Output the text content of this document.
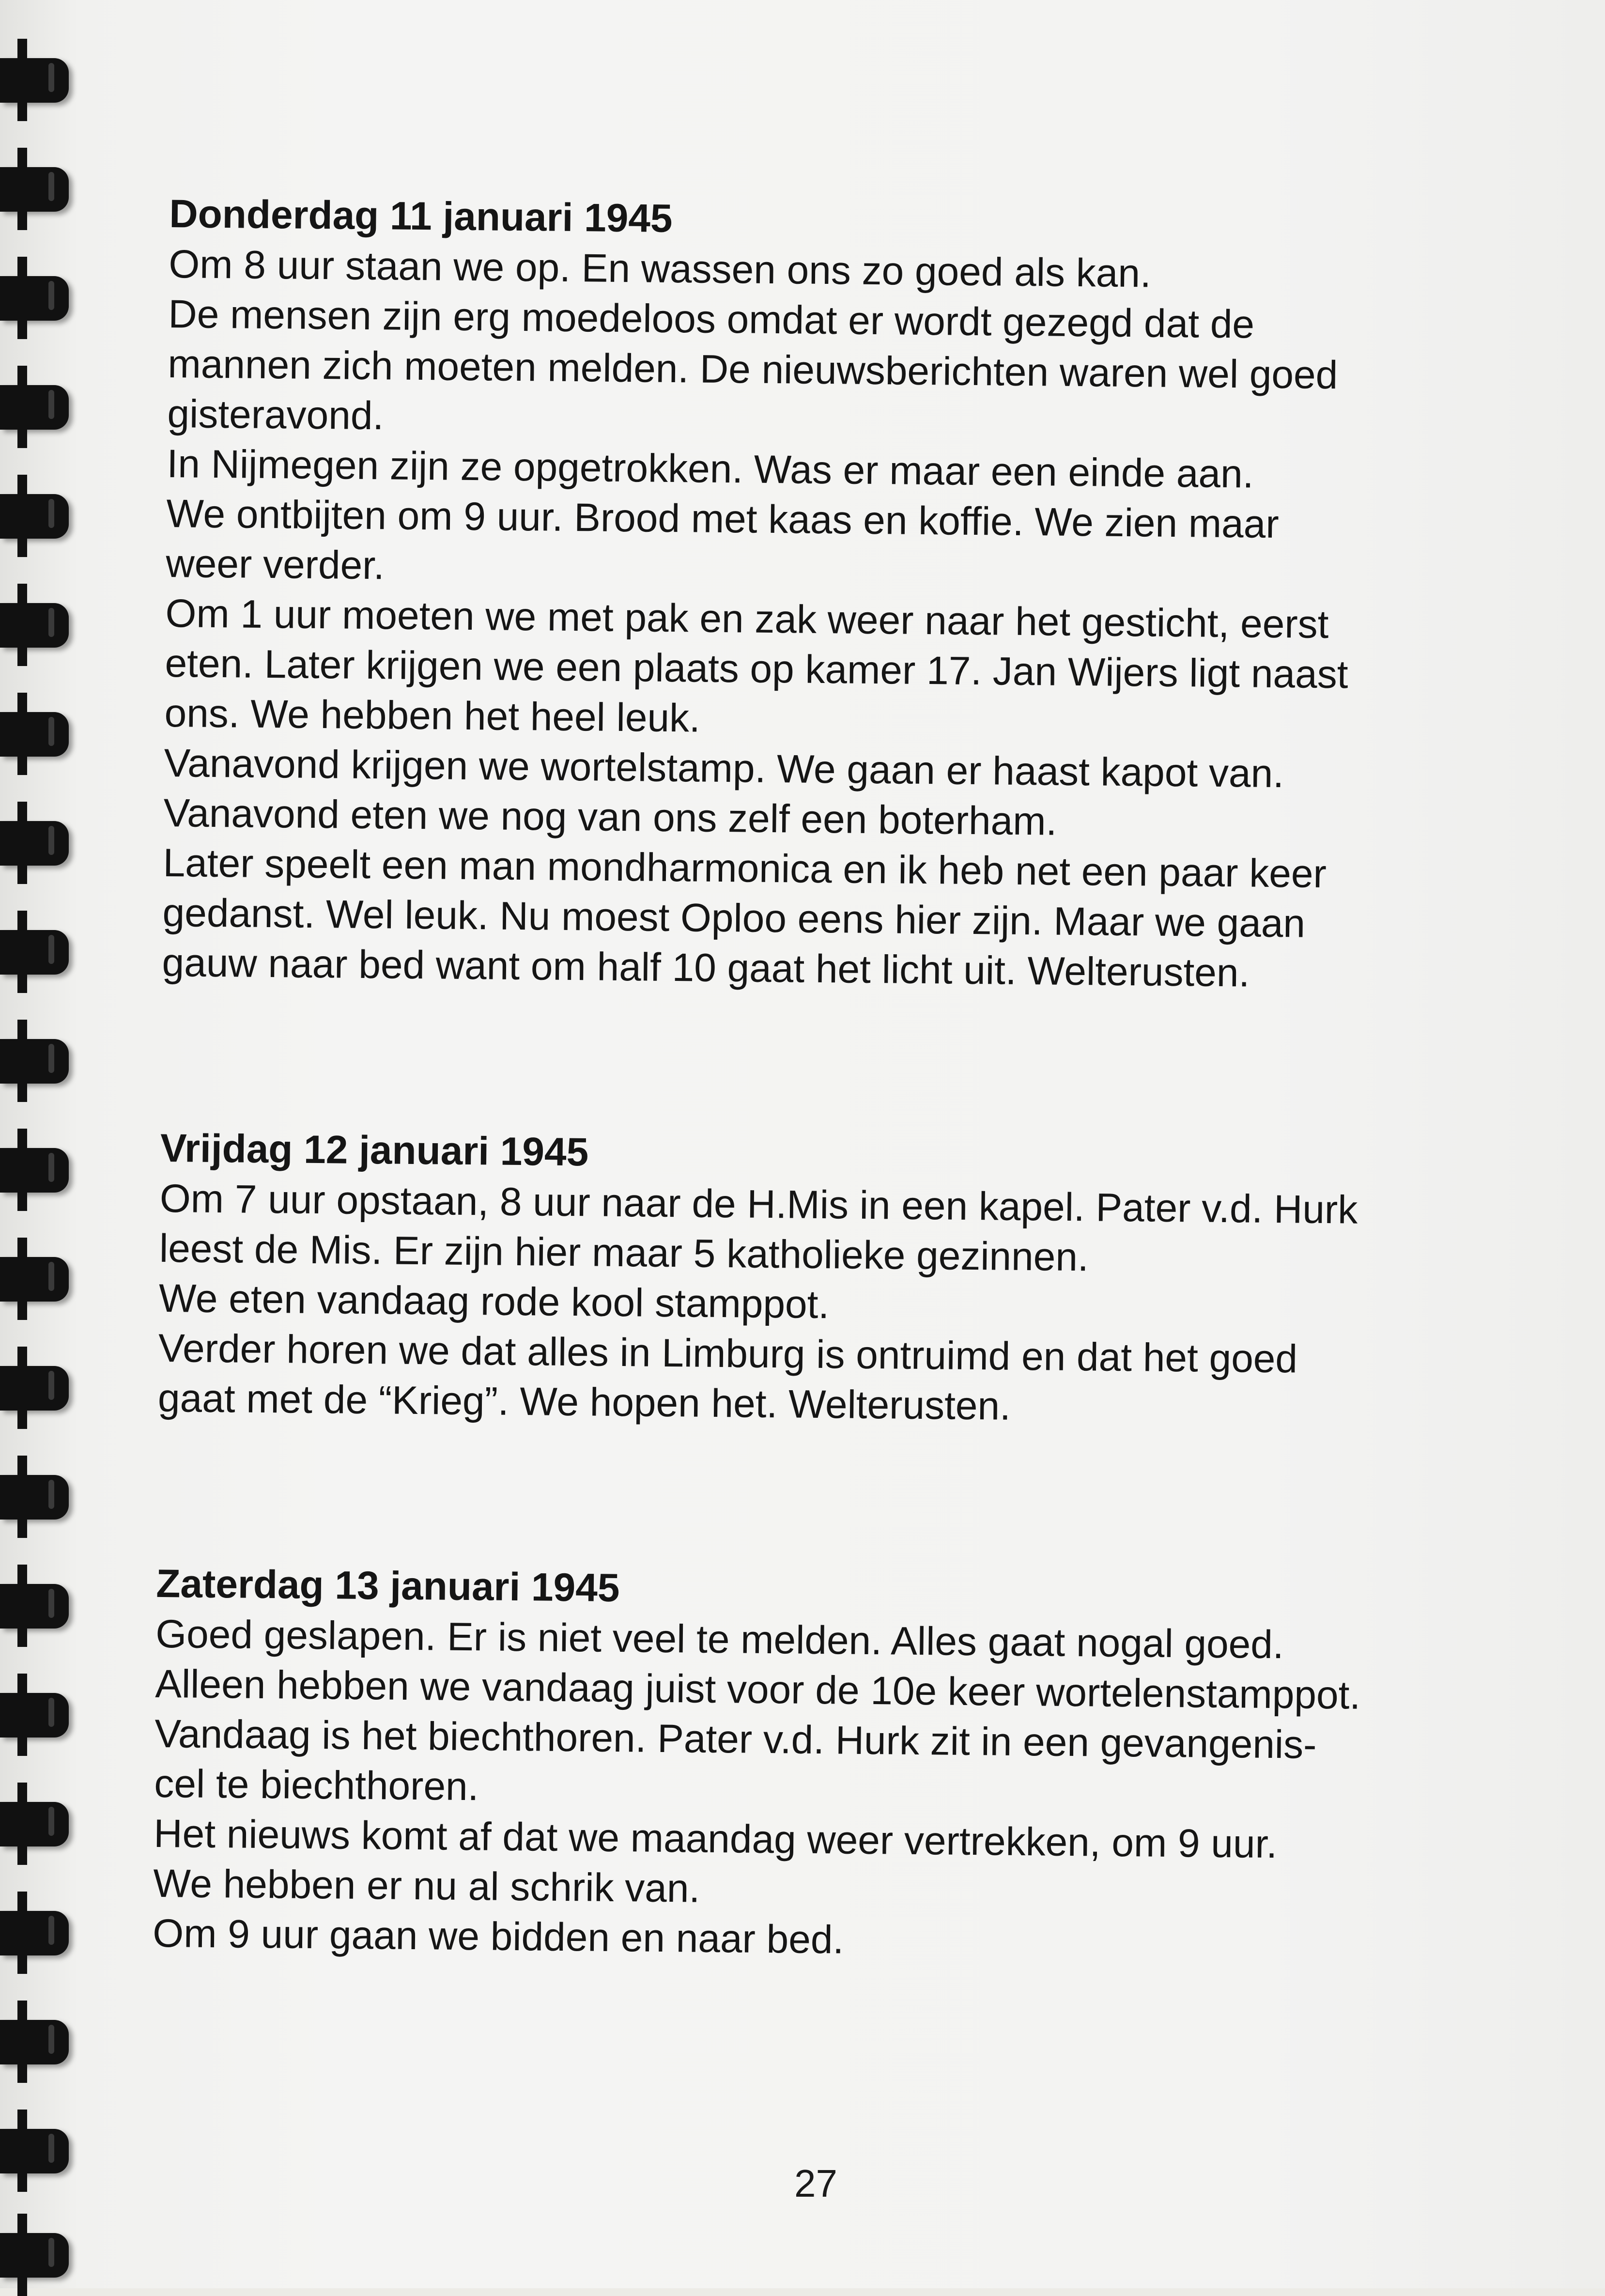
Donderdag 11 januari 1945

Om 8 uur staan we op. En wassen ons zo goed als kan.

De mensen zijn erg moedeloos omdat er wordt gezegd dat de

mannen zich moeten melden. De nieuwsberichten waren wel goed

gisteravond.

In Nijmegen zijn ze opgetrokken. Was er maar een einde aan.

We ontbijten om 9 uur. Brood met kaas en koffie. We zien maar

weer verder.

Om 1 uur moeten we met pak en zak weer naar het gesticht, eerst

eten. Later krijgen we een plaats op kamer 17. Jan Wijers ligt naast

ons. We hebben het heel leuk.

Vanavond krijgen we wortelstamp. We gaan er haast kapot van.

Vanavond eten we nog van ons zelf een boterham.

Later speelt een man mondharmonica en ik heb net een paar keer

gedanst. Wel leuk. Nu moest Oploo eens hier zijn. Maar we gaan

gauw naar bed want om half 10 gaat het licht uit. Welterusten.

Vrijdag 12 januari 1945

Om 7 uur opstaan, 8 uur naar de H.Mis in een kapel. Pater v.d. Hurk

leest de Mis. Er zijn hier maar 5 katholieke gezinnen.

We eten vandaag rode kool stamppot.

Verder horen we dat alles in Limburg is ontruimd en dat het goed

gaat met de “Krieg”. We hopen het. Welterusten.

Zaterdag 13 januari 1945

Goed geslapen. Er is niet veel te melden. Alles gaat nogal goed.

Alleen hebben we vandaag juist voor de 10e keer wortelenstamppot.

Vandaag is het biechthoren. Pater v.d. Hurk zit in een gevangenis-

cel te biechthoren.

Het nieuws komt af dat we maandag weer vertrekken, om 9 uur.

We hebben er nu al schrik van.

Om 9 uur gaan we bidden en naar bed.

27
